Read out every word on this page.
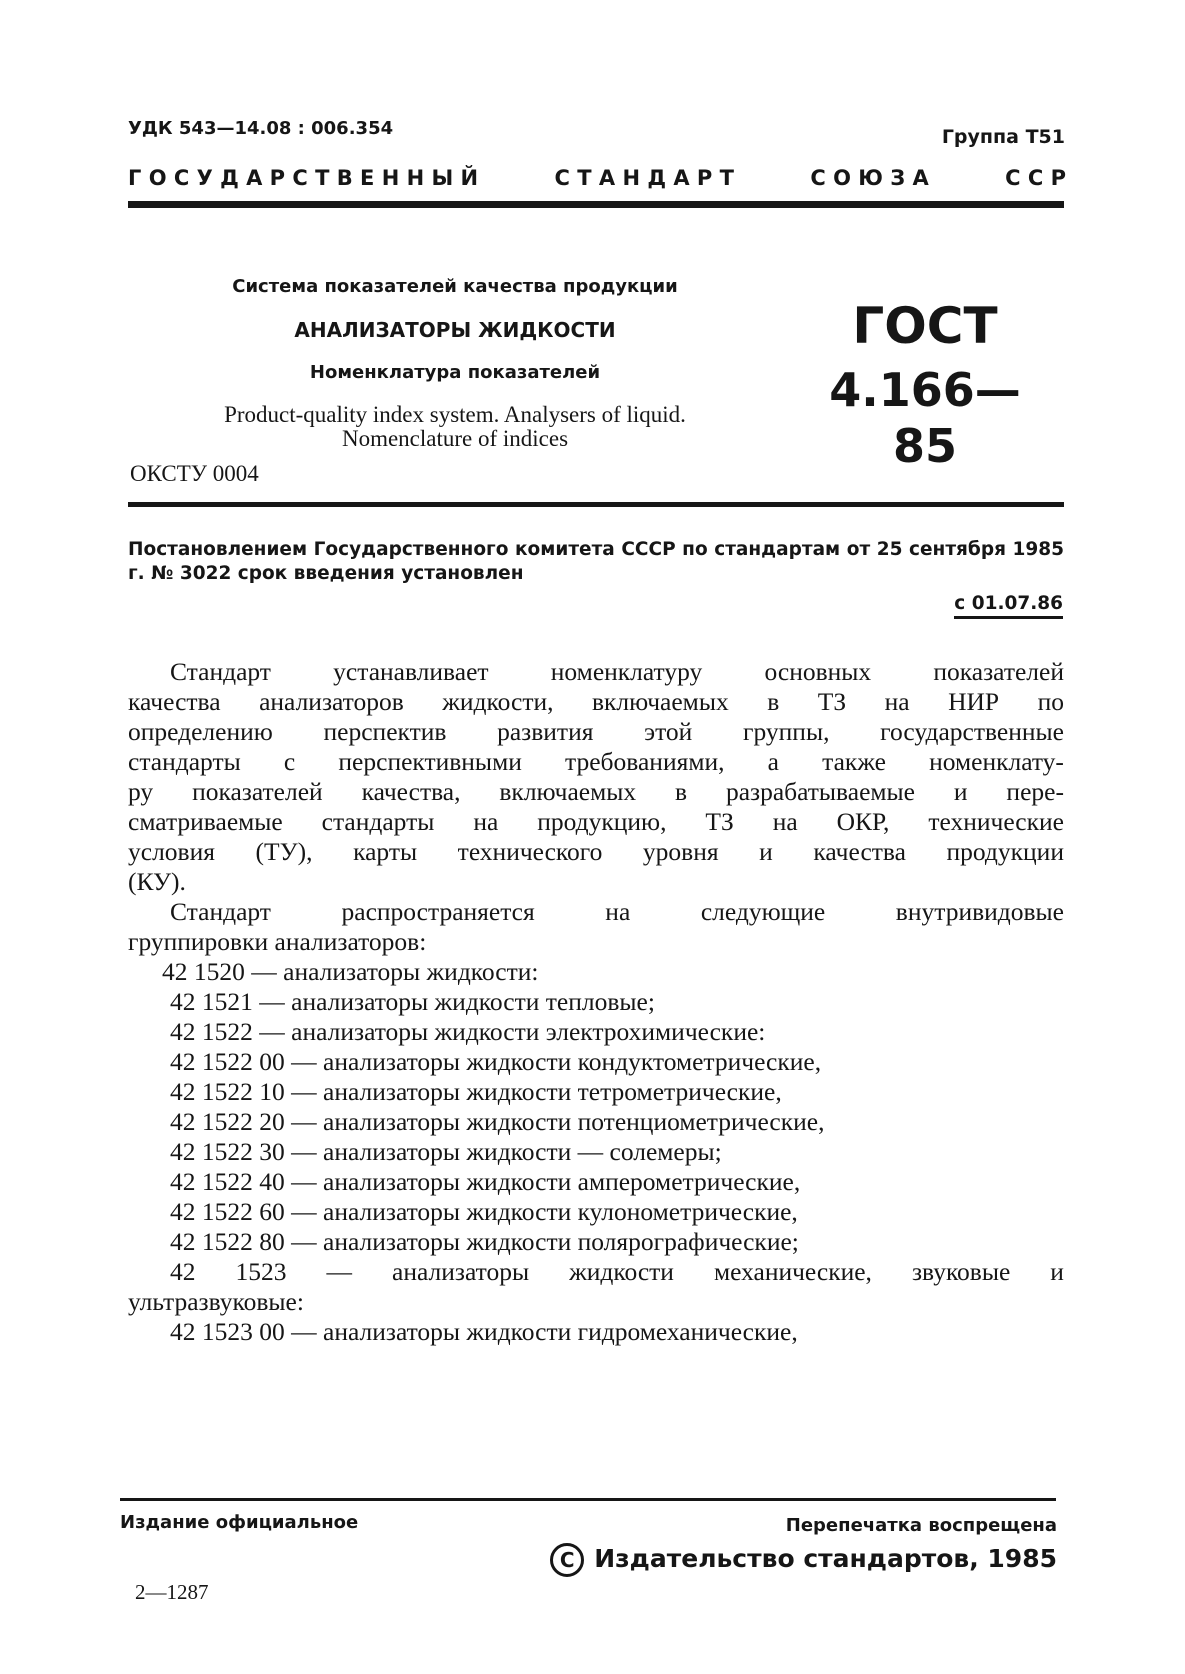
УДК 543—14.08 : 006.354	Группа Т51
Г О С У Д А Р С Т В Е Н Н Ы Й	С Т А Н Д А Р Т	С О Ю З А	С С Р
Система показателей качества продукции
АНАЛИЗАТОРЫ ЖИДКОСТИ
Номенклатура показателей
Product-quality index system. Analysers of liquid.
Nomenclature of indices
ОКСТУ 0004
ГОСТ
4.166—85
Постановлением Государственного комитета СССР по стандартам от 25 сентября 1985 г. № 3022 срок введения установлен
с 01.07.86
Стандарт устанавливает номенклатуру основных показателей
качества анализаторов жидкости, включаемых в ТЗ на НИР по
определению перспектив развития этой группы, государственные
стандарты с перспективными требованиями, а также номенклату-
ру показателей качества, включаемых в разрабатываемые и пере-
сматриваемые стандарты на продукцию, ТЗ на ОКР, технические
условия (ТУ), карты технического уровня и качества продукции
(КУ).
Стандарт	распространяется	на	следующие	внутривидовые
группировки анализаторов:
42 1520 — анализаторы жидкости:
42 1521 — анализаторы жидкости тепловые;
42 1522 — анализаторы жидкости электрохимические:
42 1522 00 — анализаторы жидкости кондуктометрические,
42 1522 10 — анализаторы жидкости тетрометрические,
42 1522 20 — анализаторы жидкости потенциометрические,
42 1522 30 — анализаторы жидкости — солемеры;
42 1522 40 — анализаторы жидкости амперометрические,
42 1522 60 — анализаторы жидкости кулонометрические,
42 1522 80 — анализаторы жидкости полярографические;
42 1523 — анализаторы жидкости механические, звуковые и
ультразвуковые:
42 1523 00 — анализаторы жидкости гидромеханические,
Издание официальное	Перепечатка воспрещена
C Издательство стандартов, 1985
2—1287
